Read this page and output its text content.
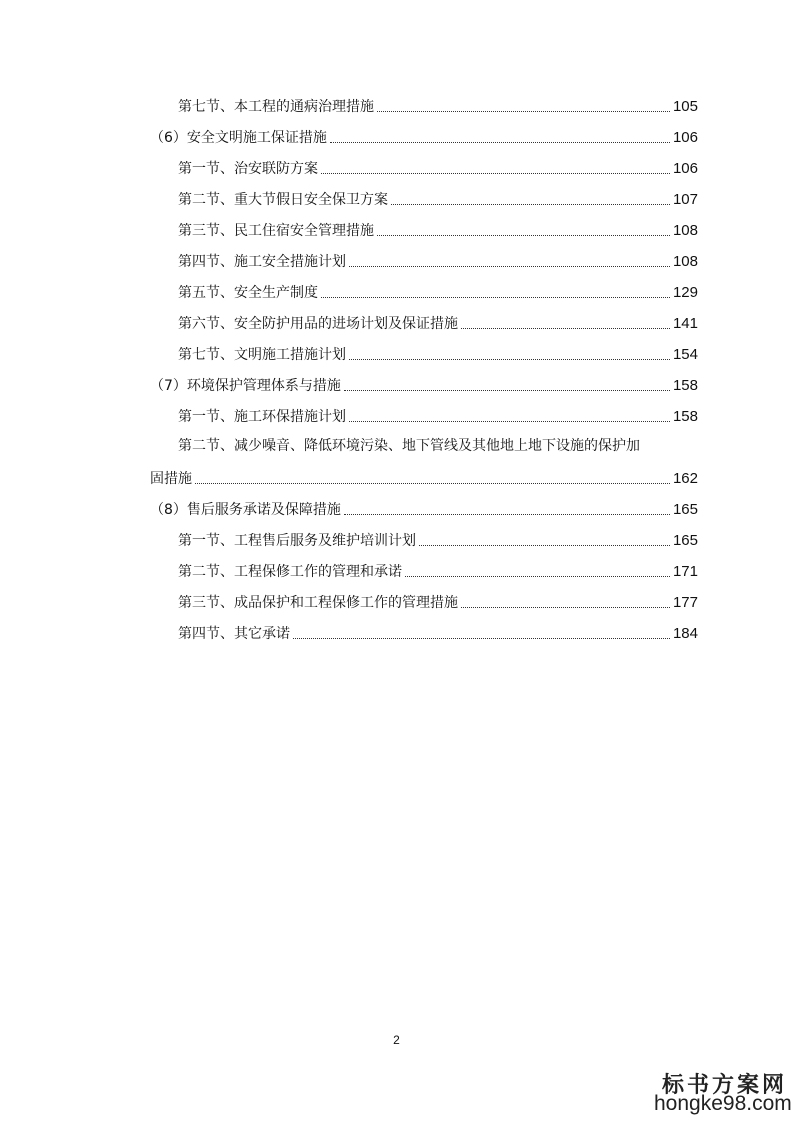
第七节、本工程的通病治理措施	105
（6）安全文明施工保证措施	106
第一节、治安联防方案	106
第二节、重大节假日安全保卫方案	107
第三节、民工住宿安全管理措施	108
第四节、施工安全措施计划	108
第五节、安全生产制度	129
第六节、安全防护用品的进场计划及保证措施	141
第七节、文明施工措施计划	154
（7）环境保护管理体系与措施	158
第一节、施工环保措施计划	158
第二节、减少噪音、降低环境污染、地下管线及其他地上地下设施的保护加
固措施	162
（8）售后服务承诺及保障措施	165
第一节、工程售后服务及维护培训计划	165
第二节、工程保修工作的管理和承诺	171
第三节、成品保护和工程保修工作的管理措施	177
第四节、其它承诺	184
2
标书方案网
hongke98.com
